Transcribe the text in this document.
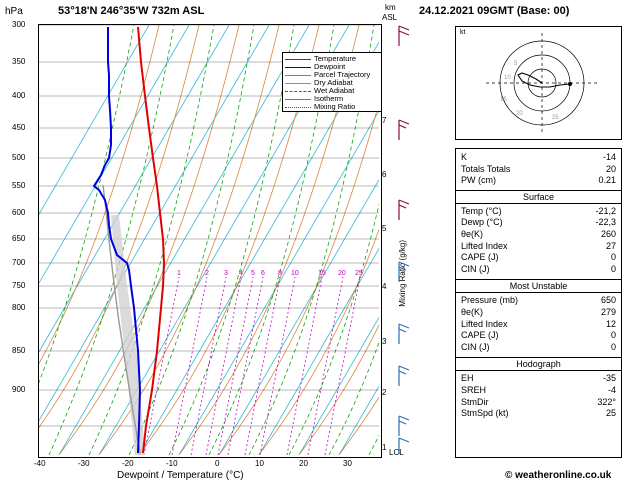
hPa	53°18'N 246°35'W 732m ASL	km
ASL
24.12.2021 09GMT (Base: 00)
1	2 3 4 5 6 8 10	15 20 25
Temperature
Dewpoint
Parcel Trajectory
Dry Adiabat
Wet Adiabat
Isotherm
Mixing Ratio
300
350
400
450
500
550
600
650
700
750
800
850
900
-40	-30	-20	-10	0	10	20	30
Dewpoint / Temperature (°C)
7
6
5
4
3
2
1
LCL
Mixing Ratio (g/kg)
kt
5
10
15
20
25
K	-14
Totals Totals	20
PW (cm)	0.21
Surface
Temp (°C)	-21,2
Dewp (°C)	-22,3
θe(K)	260
Lifted Index	27
CAPE (J)	0
CIN (J)	0
Most Unstable
Pressure (mb)	650
θe(K)	279
Lifted Index	12
CAPE (J)	0
CIN (J)	0
Hodograph
EH	-35
SREH	-4
StmDir	322°
StmSpd (kt)	25
© weatheronline.co.uk
